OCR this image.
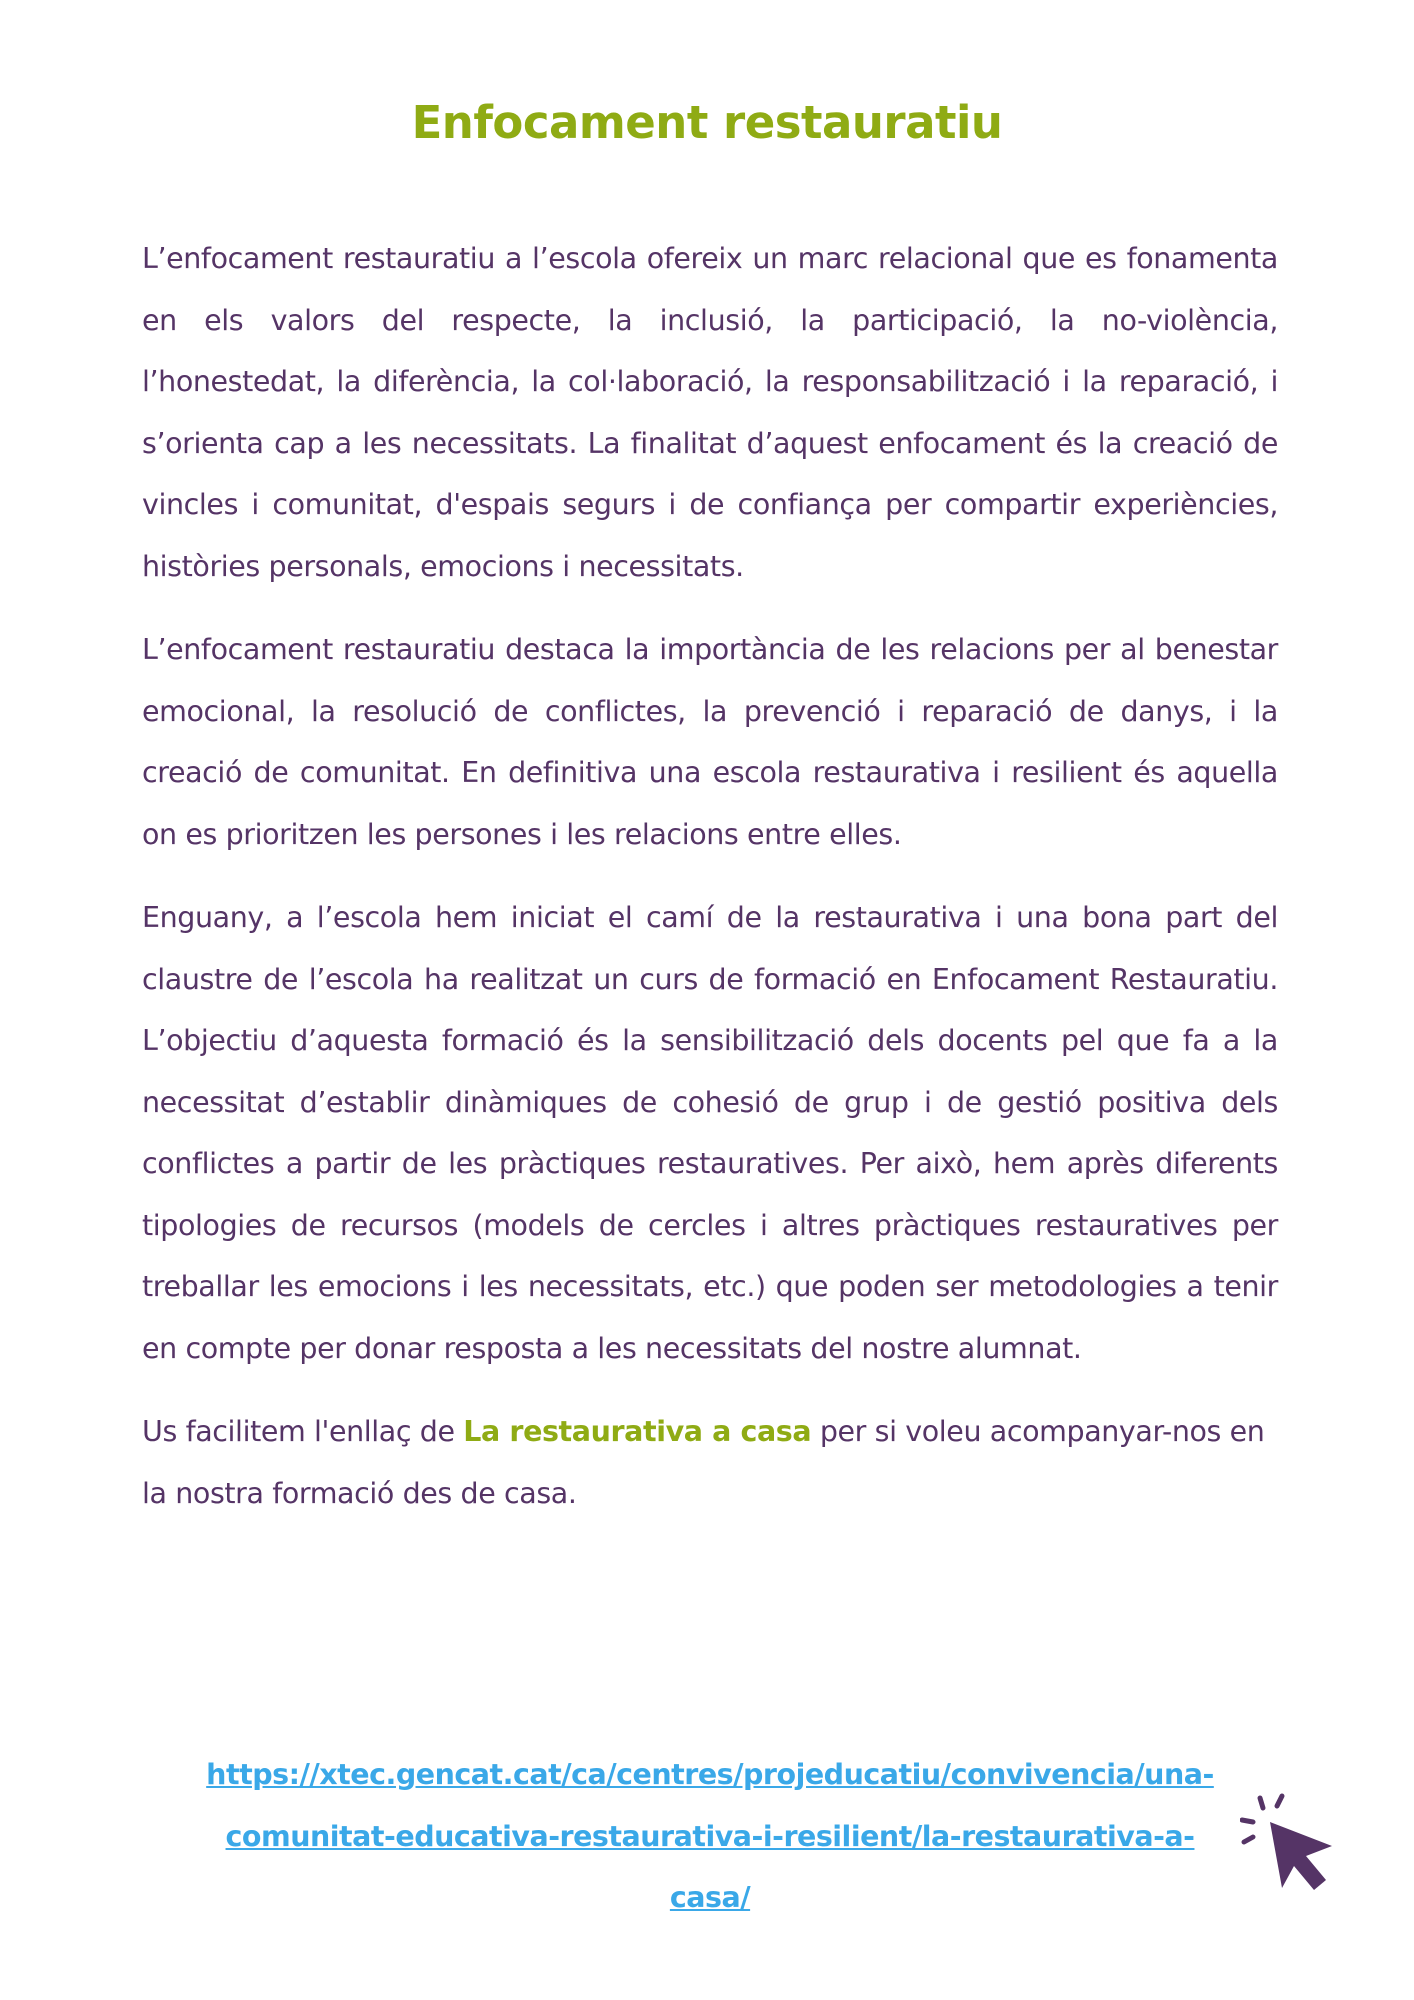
Enfocament restauratiu

L’enfocament restauratiu a l’escola ofereix un marc relacional que es fonamenta en els valors del respecte, la inclusió, la participació, la no-violència, l’honestedat, la diferència, la col·laboració, la responsabilització i la reparació, i s’orienta cap a les necessitats. La finalitat d’aquest enfocament és la creació de vincles i comunitat, d'espais segurs i de confiança per compartir experiències, històries personals, emocions i necessitats.

L’enfocament restauratiu destaca la importància de les relacions per al benestar emocional, la resolució de conflictes, la prevenció i reparació de danys, i la creació de comunitat. En definitiva una escola restaurativa i resilient és aquella on es prioritzen les persones i les relacions entre elles.

Enguany, a l’escola hem iniciat el camí de la restaurativa i una bona part del claustre de l’escola ha realitzat un curs de formació en Enfocament Restauratiu. L’objectiu d’aquesta formació és la sensibilització dels docents pel que fa a la necessitat d’establir dinàmiques de cohesió de grup i de gestió positiva dels conflictes a partir de les pràctiques restauratives. Per això, hem après diferents tipologies de recursos (models de cercles i altres pràctiques restauratives per treballar les emocions i les necessitats, etc.) que poden ser metodologies a tenir en compte per donar resposta a les necessitats del nostre alumnat.

Us facilitem l'enllaç de La restaurativa a casa per si voleu acompanyar-nos en la nostra formació des de casa.

https://xtec.gencat.cat/ca/centres/projeducatiu/convivencia/una-
comunitat-educativa-restaurativa-i-resilient/la-restaurativa-a-
casa/
